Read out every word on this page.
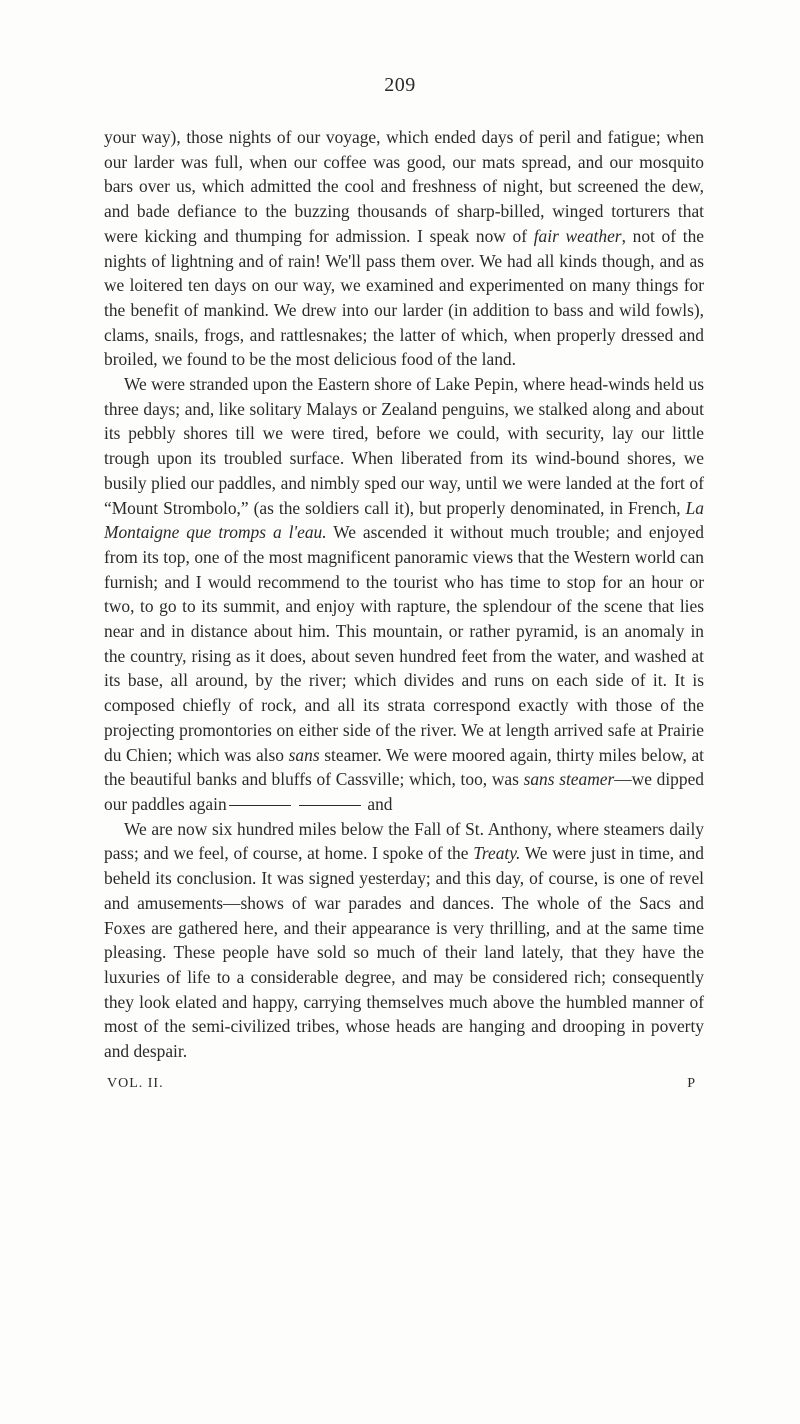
209

your way), those nights of our voyage, which ended days of peril and fatigue; when our larder was full, when our coffee was good, our mats spread, and our mosquito bars over us, which admitted the cool and freshness of night, but screened the dew, and bade defiance to the buzzing thousands of sharp-billed, winged torturers that were kicking and thumping for admission. I speak now of fair weather, not of the nights of lightning and of rain! We'll pass them over. We had all kinds though, and as we loitered ten days on our way, we examined and experimented on many things for the benefit of mankind. We drew into our larder (in addition to bass and wild fowls), clams, snails, frogs, and rattlesnakes; the latter of which, when properly dressed and broiled, we found to be the most delicious food of the land.

We were stranded upon the Eastern shore of Lake Pepin, where head-winds held us three days; and, like solitary Malays or Zealand penguins, we stalked along and about its pebbly shores till we were tired, before we could, with security, lay our little trough upon its troubled surface. When liberated from its wind-bound shores, we busily plied our paddles, and nimbly sped our way, until we were landed at the fort of “Mount Strombolo,” (as the soldiers call it), but properly denominated, in French, La Montaigne que tromps a l'eau. We ascended it without much trouble; and enjoyed from its top, one of the most magnificent panoramic views that the Western world can furnish; and I would recommend to the tourist who has time to stop for an hour or two, to go to its summit, and enjoy with rapture, the splendour of the scene that lies near and in distance about him. This mountain, or rather pyramid, is an anomaly in the country, rising as it does, about seven hundred feet from the water, and washed at its base, all around, by the river; which divides and runs on each side of it. It is composed chiefly of rock, and all its strata correspond exactly with those of the projecting promontories on either side of the river. We at length arrived safe at Prairie du Chien; which was also sans steamer. We were moored again, thirty miles below, at the beautiful banks and bluffs of Cassville; which, too, was sans steamer—we dipped our paddles again	and

We are now six hundred miles below the Fall of St. Anthony, where steamers daily pass; and we feel, of course, at home. I spoke of the Treaty. We were just in time, and beheld its conclusion. It was signed yesterday; and this day, of course, is one of revel and amusements—shows of war parades and dances. The whole of the Sacs and Foxes are gathered here, and their appearance is very thrilling, and at the same time pleasing. These people have sold so much of their land lately, that they have the luxuries of life to a considerable degree, and may be considered rich; consequently they look elated and happy, carrying themselves much above the humbled manner of most of the semi-civilized tribes, whose heads are hanging and drooping in poverty and despair.

VOL. II.	P
